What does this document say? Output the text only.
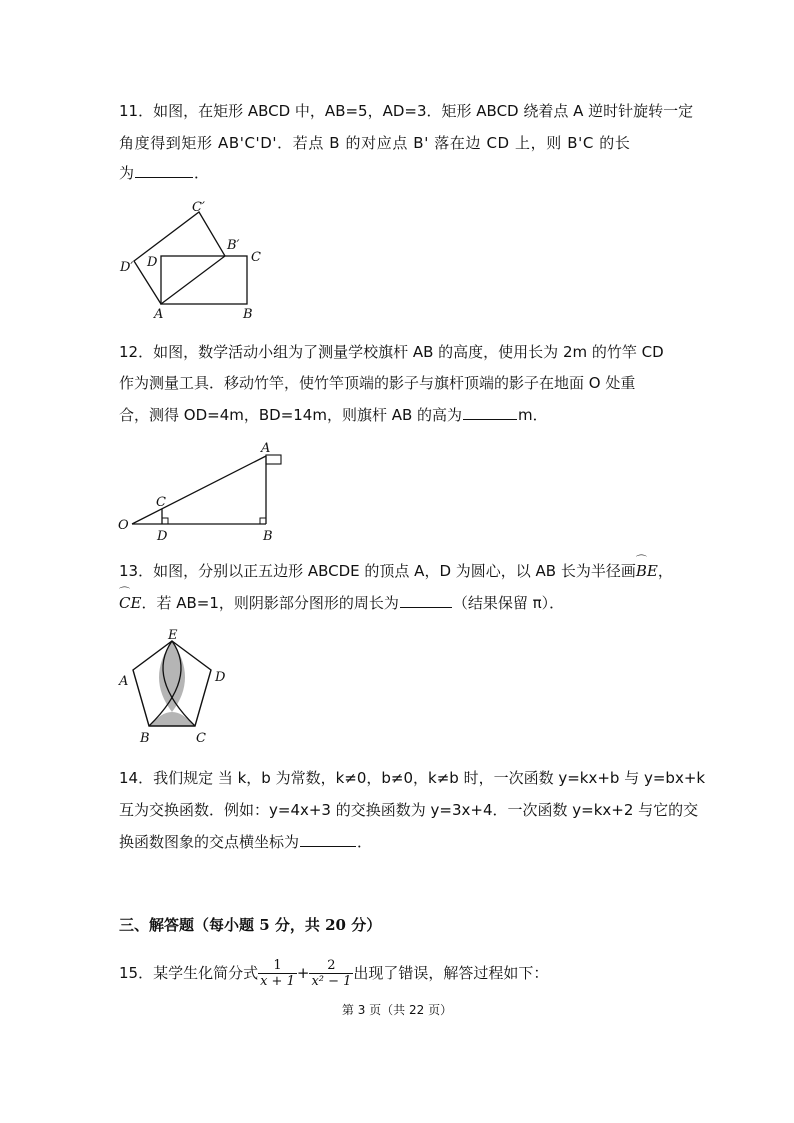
11．如图，在矩形 ABCD 中，AB=5，AD=3．矩形 ABCD 绕着点 A 逆时针旋转一定
角度得到矩形 AB'C'D'．若点 B 的对应点 B' 落在边 CD 上，则 B'C 的长
为	．
C′
B′
C
D′ D
A	B
12．如图，数学活动小组为了测量学校旗杆 AB 的高度，使用长为 2m 的竹竿 CD
作为测量工具．移动竹竿，使竹竿顶端的影子与旗杆顶端的影子在地面 O 处重
合，测得 OD=4m，BD=14m，则旗杆 AB 的高为	m．
A
C
O
D	B
13．如图，分别以正五边形 ABCDE 的顶点 A，D 为圆心，以 AB 长为半径画⌒ BE，
⌒ CE．若 AB=1，则阴影部分图形的周长为	（结果保留 π）．
E
A	D
B	C
14．我们规定 当 k，b 为常数，k≠0，b≠0，k≠b 时，一次函数 y=kx+b 与 y=bx+k
互为交换函数．例如：y=4x+3 的交换函数为 y=3x+4．一次函数 y=kx+2 与它的交
换函数图象的交点横坐标为	．
三、解答题（每小题 5 分，共 20 分）
15．某学生化简分式 $\frac{1}{x + 1} + \frac{2}{\text{x² − 1}}$ 出现了错误，解答过程如下：
第 3 页（共 22 页）
